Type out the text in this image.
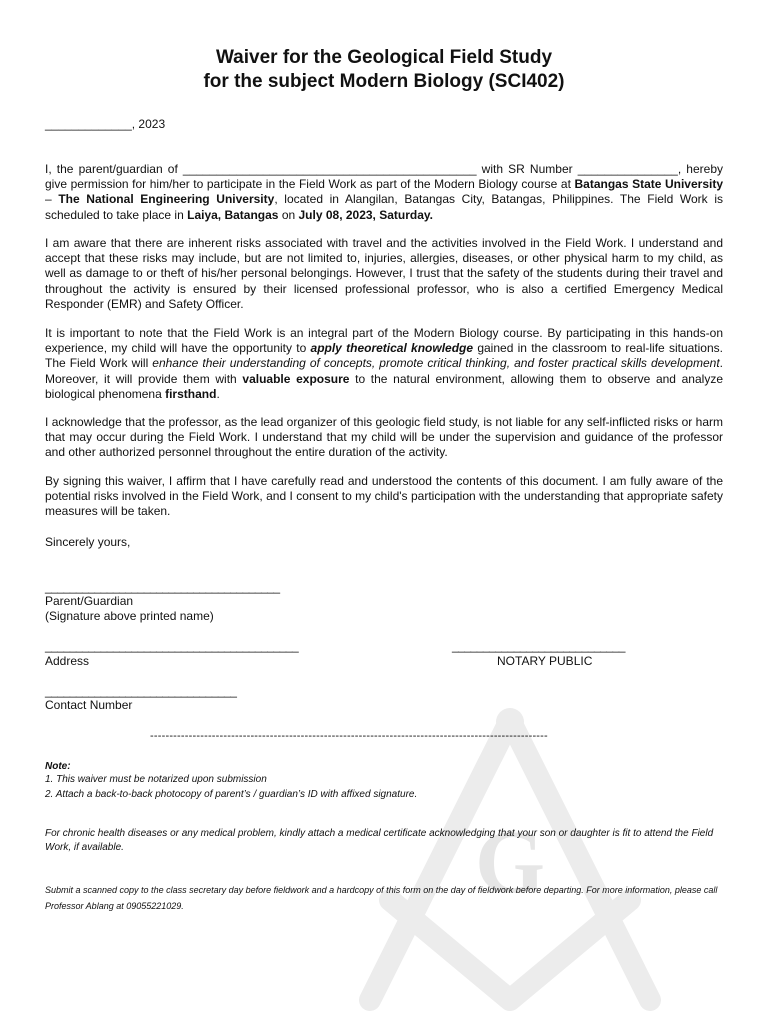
G
Waiver for the Geological Field Study
for the subject Modern Biology (SCI402)
_____________, 2023

I, the parent/guardian of ____________________________________________ with SR Number _______________, hereby give permission for him/her to participate in the Field Work as part of the Modern Biology course at Batangas State University – The National Engineering University, located in Alangilan, Batangas City, Batangas, Philippines. The Field Work is scheduled to take place in Laiya, Batangas on July 08, 2023, Saturday.

I am aware that there are inherent risks associated with travel and the activities involved in the Field Work. I understand and accept that these risks may include, but are not limited to, injuries, allergies, diseases, or other physical harm to my child, as well as damage to or theft of his/her personal belongings. However, I trust that the safety of the students during their travel and throughout the activity is ensured by their licensed professional professor, who is also a certified Emergency Medical Responder (EMR) and Safety Officer.

It is important to note that the Field Work is an integral part of the Modern Biology course. By participating in this hands-on experience, my child will have the opportunity to apply theoretical knowledge gained in the classroom to real-life situations. The Field Work will enhance their understanding of concepts, promote critical thinking, and foster practical skills development. Moreover, it will provide them with valuable exposure to the natural environment, allowing them to observe and analyze biological phenomena firsthand.

I acknowledge that the professor, as the lead organizer of this geologic field study, is not liable for any self-inflicted risks or harm that may occur during the Field Work. I understand that my child will be under the supervision and guidance of the professor and other authorized personnel throughout the entire duration of the activity.

By signing this waiver, I affirm that I have carefully read and understood the contents of this document. I am fully aware of the potential risks involved in the Field Work, and I consent to my child's participation with the understanding that appropriate safety measures will be taken.

Sincerely yours,
______________________________________
Parent/Guardian
(Signature above printed name)
_________________________________________
Address
____________________________
NOTARY PUBLIC
_______________________________
Contact Number
-------------------------------------------------------------------------------------------------------
Note:
1. This waiver must be notarized upon submission
2. Attach a back-to-back photocopy of parent’s / guardian’s ID with affixed signature.
For chronic health diseases or any medical problem, kindly attach a medical certificate acknowledging that your son or daughter is fit to attend the Field Work, if available.
Submit a scanned copy to the class secretary day before fieldwork and a hardcopy of this form on the day of fieldwork before departing. For more information, please call Professor Ablang at 09055221029.
